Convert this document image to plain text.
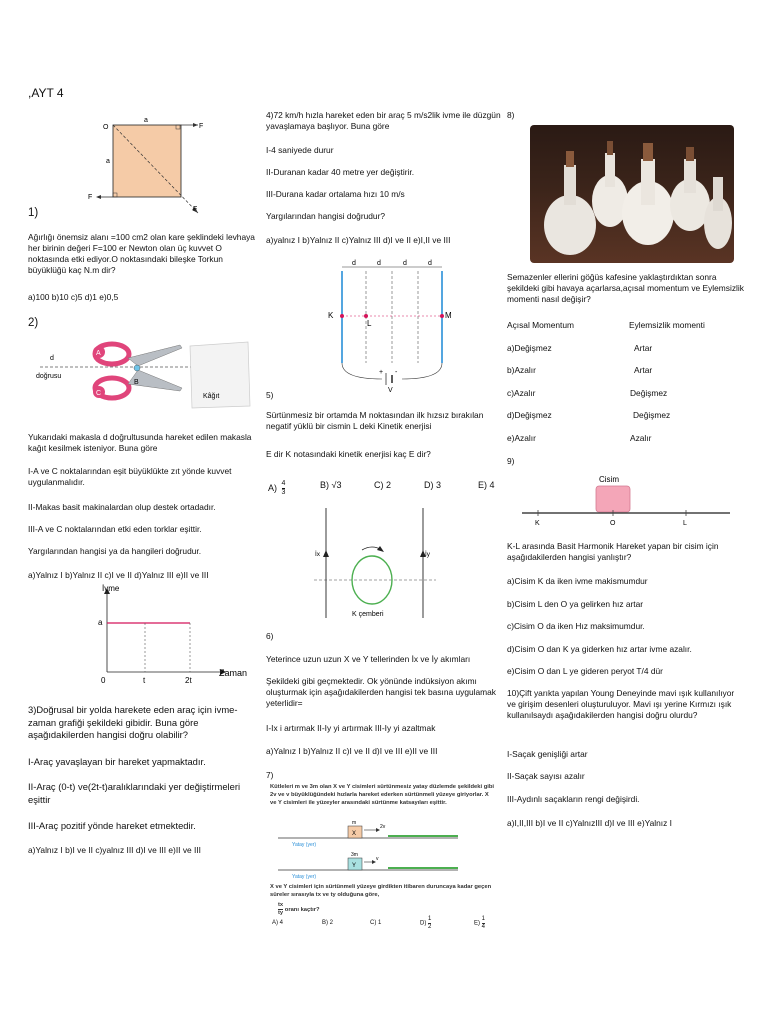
,AYT 4
O
a
a
F
F
F
1)
Ağırlığı önemsiz alanı =100 cm2 olan kare şeklindeki levhaya her birinin değeri F=100 er Newton olan üç kuvvet O noktasında etki ediyor.O noktasındaki bileşke Torkun büyüklüğü kaç N.m dir?
a)100 b)10 c)5 d)1 e)0,5
2)
d
doğrusu
A
C
B
Kâğıt
Yukarıdaki makasla d doğrultusunda hareket edilen makasla kağıt kesilmek isteniyor. Buna göre
I-A ve C noktalarından eşit büyüklükte zıt yönde kuvvet uygulanmalıdır.
II-Makas basit makinalardan olup destek ortadadır.
III-A ve C noktalarından etki eden torklar eşittir.
Yargılarından hangisi ya da hangileri doğrudur.
a)Yalnız I b)Yalnız II c)I ve II d)Yalnız III e)II ve III
İvme
Zaman
a
0	t	2t
3)Doğrusal bir yolda harekete eden araç için ivme-zaman grafiği şekildeki gibidir. Buna göre aşağıdakilerden hangisi doğru olabilir?
I-Araç yavaşlayan bir hareket yapmaktadır.
II-Araç (0-t) ve(2t-t)aralıklarındaki yer değiştirmeleri eşittir
III-Araç pozitif yönde hareket etmektedir.
a)Yalnız I b)I ve II c)yalnız III d)I ve III e)II ve III
4)72 km/h hızla hareket eden bir araç 5 m/s2lik ivme ile düzgün yavaşlamaya başlıyor. Buna göre
I-4 saniyede durur
II-Duranan kadar 40 metre yer değiştirir.
III-Durana kadar ortalama hızı 10 m/s
Yargılarından hangisi doğrudur?
a)yalnız I b)Yalnız II c)Yalnız III d)I ve II e)I,II ve III
d	d	d	d
K
L
M
+ -
V
5)
Sürtünmesiz bir ortamda M noktasından ilk hızsız bırakılan negatif yüklü bir cismin L deki Kinetik enerjisi
E dir K notasındaki kinetik enerjisi kaç E dir?
$A) \frac{4}{3}$	B) √3	C) 2	D) 3	E) 4
İx	İy
K çemberi
6)
Yeterince uzun uzun X ve Y tellerinden İx ve İy akımları
Şekildeki gibi geçmektedir. Ok yönünde indüksiyon akımı oluşturmak için aşağıdakilerden hangisi tek basına uygulamak yeterlidir=
I-Ix i artırmak II-Iy yi artırmak III-Iy yi azaltmak
a)Yalnız I b)Yalnız II c)I ve II d)I ve III e)II ve III
7)
Kütleleri m ve 3m olan X ve Y cisimleri sürtünmesiz yatay düzlemde şekildeki gibi 2v ve v büyüklüğündeki hızlarla hareket ederken sürtünmeli yüzeye giriyorlar. X ve Y cisimleri ile yüzeyler arasındaki sürtünme katsayıları eşittir.
X
m
2v
Yatay (yer)
Y
3m
v
Yatay (yer)
X ve Y cisimleri için sürtünmeli yüzeye girdikten itibaren duruncaya kadar geçen süreler sırasıyla tx ve ty olduğuna göre,
$\frac{tx}{ty}$ oranı kaçtır?
A) 4	B) 2	C) 1	$D) \frac{1}{2}$	$E) \frac{1}{4}$
8)
Semazenler ellerini göğüs kafesine yaklaştırdıktan sonra şekildeki gibi havaya açarlarsa,açısal momentum ve Eylemsizlik momenti nasıl değişir?
Açısal Momentum	Eylemsizlik momenti
a)Değişmez	Artar
b)Azalır	Artar
c)Azalır	Değişmez
d)Değişmez	Değişmez
e)Azalır	Azalır
9)
Cisim
K	O	L
K-L arasında Basit Harmonik Hareket yapan bir cisim için aşağıdakilerden hangisi yanlıştır?
a)Cisim K da iken ivme makismumdur
b)Cisim L den O ya gelirken hız artar
c)Cisim O da iken Hız maksimumdur.
d)Cisim O dan K ya giderken hız artar ivme azalır.
e)Cisim O dan L ye gideren peryot T/4 dür
10)Çift yarıkta yapılan Young Deneyinde mavi ışık kullanılıyor ve girişim desenleri oluşturuluyor. Mavi ışı yerine Kırmızı ışık kullanılsaydı aşağıdakilerden hangisi doğru olurdu?
I-Saçak genişliği artar
II-Saçak sayısı azalır
III-Aydınlı saçakların rengi değişirdi.
a)I,II,III b)I ve II c)YalnızIII d)I ve III e)Yalnız I
